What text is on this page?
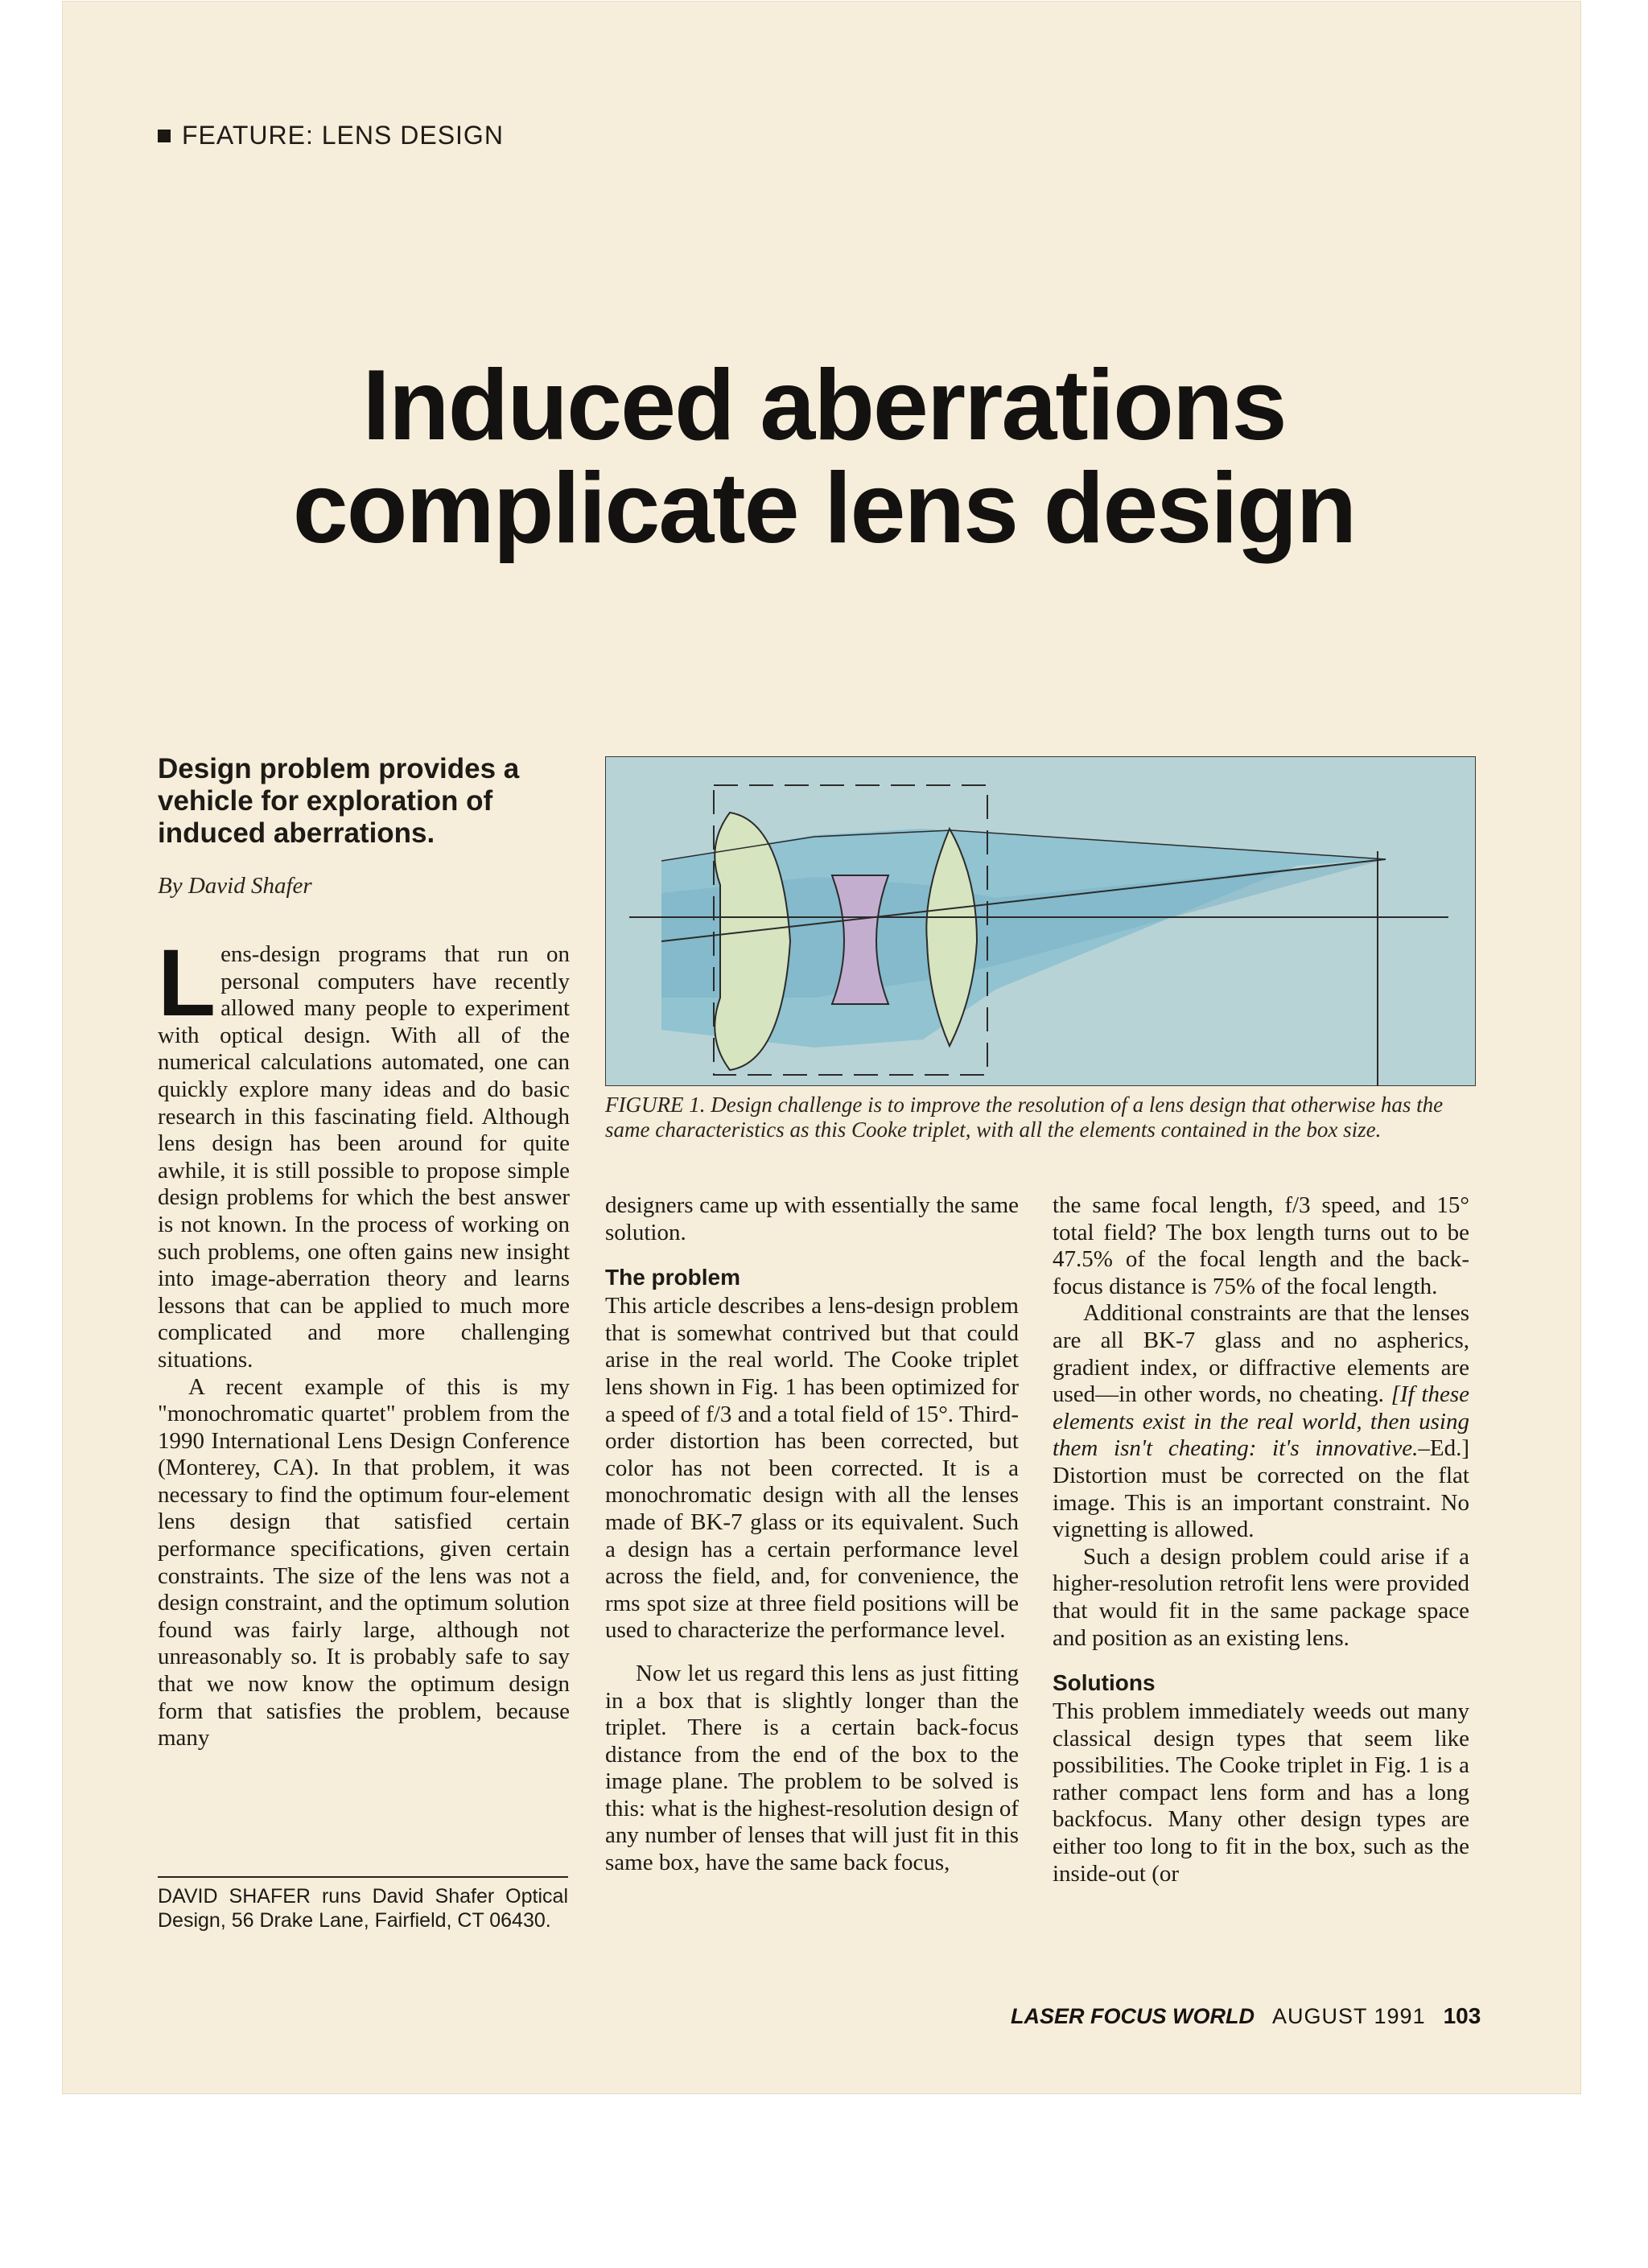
FEATURE: LENS DESIGN
Induced aberrations
complicate lens design
Design problem provides a vehicle for exploration of induced aberrations.
By David Shafer

Lens-design programs that run on personal computers have recently allowed many people to experiment with optical design. With all of the numerical calculations automated, one can quickly explore many ideas and do basic research in this fascinating field. Although lens design has been around for quite awhile, it is still possible to propose simple design problems for which the best answer is not known. In the process of working on such problems, one often gains new insight into image-aberration theory and learns lessons that can be applied to much more complicated and more challenging situations.

A recent example of this is my "monochromatic quartet" problem from the 1990 International Lens Design Conference (Monterey, CA). In that problem, it was necessary to find the optimum four-element lens design that satisfied certain performance specifications, given certain constraints. The size of the lens was not a design constraint, and the optimum solution found was fairly large, although not unreasonably so. It is probably safe to say that we now know the optimum design form that satisfies the problem, because many

DAVID SHAFER runs David Shafer Optical Design, 56 Drake Lane, Fairfield, CT 06430.
FIGURE 1. Design challenge is to improve the resolution of a lens design that otherwise has the same characteristics as this Cooke triplet, with all the elements contained in the box size.

designers came up with essentially the same solution.

The problem

This article describes a lens-design problem that is somewhat contrived but that could arise in the real world. The Cooke triplet lens shown in Fig. 1 has been optimized for a speed of f/3 and a total field of 15°. Third-order distortion has been corrected, but color has not been corrected. It is a monochromatic design with all the lenses made of BK-7 glass or its equivalent. Such a design has a certain performance level across the field, and, for convenience, the rms spot size at three field positions will be used to characterize the performance level.

Now let us regard this lens as just fitting in a box that is slightly longer than the triplet. There is a certain back-focus distance from the end of the box to the image plane. The problem to be solved is this: what is the highest-resolution design of any number of lenses that will just fit in this same box, have the same back focus,

the same focal length, f/3 speed, and 15° total field? The box length turns out to be 47.5% of the focal length and the back-focus distance is 75% of the focal length.

Additional constraints are that the lenses are all BK-7 glass and no aspherics, gradient index, or diffractive elements are used—in other words, no cheating. [If these elements exist in the real world, then using them isn't cheating: it's innovative.–Ed.] Distortion must be corrected on the flat image. This is an important constraint. No vignetting is allowed.

Such a design problem could arise if a higher-resolution retrofit lens were provided that would fit in the same package space and position as an existing lens.

Solutions

This problem immediately weeds out many classical design types that seem like possibilities. The Cooke triplet in Fig. 1 is a rather compact lens form and has a long backfocus. Many other design types are either too long to fit in the box, such as the inside-out (or

LASER FOCUS WORLD AUGUST 1991 103
